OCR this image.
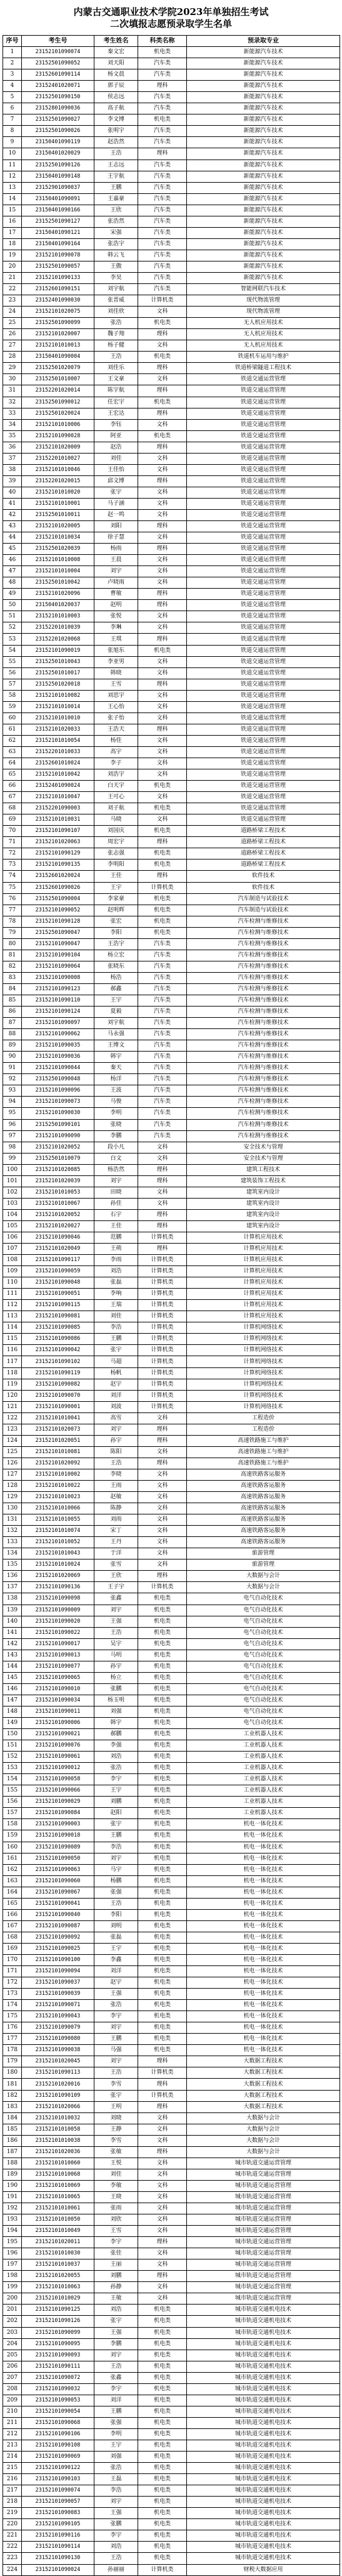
内蒙古交通职业技术学院2023年单独招生考试
二次填报志愿预录取学生名单
序号	考生号	考生姓名	科类名称	预录取专业
1	23152101090074	秦文宏	机电类	新能源汽车技术
2	23152501090052	刘天阳	汽车类	新能源汽车技术
3	23152601090114	杨文晨	汽车类	新能源汽车技术
4	23152401020071	郭子辰	理科	新能源汽车技术
5	23152501090150	侯志远	汽车类	新能源汽车技术
6	23152801090036	高子航	汽车类	新能源汽车技术
7	23152501090027	李文博	机电类	新能源汽车技术
8	23152501090026	张明宇	汽车类	新能源汽车技术
9	23150401090119	赵浩然	汽车类	新能源汽车技术
10	23150401020029	王浩	理科	新能源汽车技术
11	23152501090126	王志远	汽车类	新能源汽车技术
12	23150401090148	王宇航	汽车类	新能源汽车技术
13	23152901090037	王鹏	汽车类	新能源汽车技术
14	23150401090091	王嘉豪	汽车类	新能源汽车技术
15	23150401090166	王欣	汽车类	新能源汽车技术
16	23152501090127	张浩然	汽车类	新能源汽车技术
17	23150401090121	宋强	汽车类	新能源汽车技术
18	23150401090164	张浩宇	汽车类	新能源汽车技术
19	23152101090078	韩云飞	汽车类	新能源汽车技术
20	23152501090057	王傲	汽车类	新能源汽车技术
21	23152101090133	李昊	汽车类	新能源汽车技术
22	23152601090151	刘宇航	汽车类	智能网联汽车技术
23	23152401090030	张晋威	计算机类	现代物流管理
24	23152101020075	刘佳欣	文科	现代物流管理
25	23152501090099	张浩	机电类	无人机应用技术
26	23152101020007	魏子翔	理科	无人机应用技术
27	23152101010013	杨子健	文科	无人机应用技术
28	23150401090004	王浩	机电类	铁道机车运用与维护
29	23152501020079	刘佳乐	理科	铁道桥梁隧道工程技术
30	23152501010007	王文豪	文科	铁道交通运营管理
31	23152201020014	陈宇航	理科	铁道交通运营管理
32	23152501090012	任宏宇	机电类	铁道交通运营管理
33	23152501020024	王宏达	理科	铁道交通运营管理
34	23152101010006	李钰	文科	铁道交通运营管理
35	23152101090028	阿亚	机电类	铁道交通运营管理
36	23152101020009	赵浩	理科	铁道交通运营管理
37	23152201010027	刘佳	文科	铁道交通运营管理
38	23152101010046	王佳怡	文科	铁道交通运营管理
39	23152201020015	邱文博	理科	铁道交通运营管理
40	23152101010020	张宇	文科	铁道交通运营管理
41	23152101010001	马子涵	文科	铁道交通运营管理
42	23152501010011	赵一鸣	文科	铁道交通运营管理
43	23152101020005	刘阳	理科	铁道交通运营管理
44	23152101010034	徐子慧	文科	铁道交通运营管理
45	23152501020039	杨雨	理科	铁道交通运营管理
46	23152101010008	王晨	文科	铁道交通运营管理
47	23152101010004	刘宇	文科	铁道交通运营管理
48	23152501010042	卢晓雨	文科	铁道交通运营管理
49	23152101020096	曹敏	理科	铁道交通运营管理
50	23150401020037	赵明	理科	铁道交通运营管理
51	23152101010003	张悦	文科	铁道交通运营管理
52	23152201010039	李琳	文科	铁道交通运营管理
53	23152201020068	王琪	理科	铁道交通运营管理
54	23152101090019	张旭东	机电类	铁道交通运营管理
55	23152501010043	李亚男	文科	铁道交通运营管理
56	23152501010017	韩晓	文科	铁道交通运营管理
57	23152501020018	王雪	理科	铁道交通运营管理
58	23152101010082	刘思宇	文科	铁道交通运营管理
59	23152101010014	王心怡	文科	铁道交通运营管理
60	23152101010010	张子怡	文科	铁道交通运营管理
61	23152101020033	王浩天	理科	铁道交通运营管理
62	23152101010054	杨佳	文科	铁道交通运营管理
63	23152201010033	高宇	文科	铁道交通运营管理
64	23152601010024	李子	文科	铁道交通运营管理
65	23152101010042	刘浩宇	文科	铁道交通运营管理
66	23152401090024	白天宇	机电类	铁道交通运营管理
67	23152101010047	王可心	文科	铁道交通运营管理
68	23152201090003	刘子航	机电类	铁道交通运营管理
69	23152101010031	马晓	文科	铁道交通运营管理
70	23152101090107	刘国庆	机电类	道路桥梁工程技术
71	23152101020063	周宏宇	理科	道路桥梁工程技术
72	23152101090129	张志强	机电类	道路桥梁工程技术
73	23152101090135	李明阳	机电类	道路桥梁工程技术
74	23152601020024	王佳	理科	软件技术
75	23152601090026	王宇	计算机类	软件技术
76	23152501090004	李家豪	机电类	汽车制造与试验技术
77	23152101090052	赵明辉	机电类	汽车制造与试验技术
78	23152101090128	张宏	机电类	汽车检测与维修技术
79	23152501090047	李阳	机电类	汽车检测与维修技术
80	23152101090047	王浩宇	汽车类	汽车检测与维修技术
81	23152101090104	杨立宏	汽车类	汽车检测与维修技术
82	23152101090064	张晓东	汽车类	汽车检测与维修技术
83	23152101090008	杨浩	汽车类	汽车检测与维修技术
84	23152101090123	郝鑫	汽车类	汽车检测与维修技术
85	23152101090110	王宇	汽车类	汽车检测与维修技术
86	23152101090124	夏毅	汽车类	汽车检测与维修技术
87	23152101090097	刘宇航	汽车类	汽车检测与维修技术
88	23152101090062	马永强	汽车类	汽车检测与维修技术
89	23152101090035	王博文	汽车类	汽车检测与维修技术
90	23152101090036	韩宇	汽车类	汽车检测与维修技术
91	23152101090044	秦天	汽车类	汽车检测与维修技术
92	23152501090048	杨洋	汽车类	汽车检测与维修技术
93	23152101090096	王波	汽车类	汽车检测与维修技术
94	23152101090073	马俊	汽车类	汽车检测与维修技术
95	23152101090030	李明	汽车类	汽车检测与维修技术
96	23152501090101	张晓	汽车类	汽车检测与维修技术
97	23152101090090	李鹏	汽车类	汽车检测与维修技术
98	23152101020052	段小凡	文科	安全技术与管理
99	23152501010079	白文	文科	安全技术与管理
100	23152101020085	杨浩然	理科	建筑工程技术
101	23152101020039	刘宇	理科	建筑装饰工程技术
102	23152101010053	田晓	文科	建筑室内设计
103	23152101010067	孙佳	文科	建筑室内设计
104	23152101020052	石宇	理科	建筑室内设计
105	23152101020027	王佳	理科	建筑室内设计
106	23152101090046	范鹏	计算机类	计算机应用技术
107	23152101020049	王萌	理科	计算机应用技术
108	23152101090117	李雨	计算机类	计算机应用技术
109	23152101090059	刘浩	计算机类	计算机应用技术
110	23152101090048	张磊	计算机类	计算机应用技术
111	23152101090051	李响	计算机类	计算机应用技术
112	23152101090115	王瑞	计算机类	计算机应用技术
113	23152101090081	刘佳	计算机类	计算机应用技术
114	23152101090085	李浩	计算机类	计算机网络技术
115	23152101090086	王鹏	计算机类	计算机网络技术
116	23152101090042	张宇	计算机类	计算机网络技术
117	23152101090102	马超	计算机类	计算机网络技术
118	23152101090119	杨帆	计算机类	计算机网络技术
119	23152101090082	赵宇	计算机类	计算机网络技术
120	23152101090070	刘洋	计算机类	计算机网络技术
121	23152101090001	刘波	计算机类	计算机网络技术
122	23152101010041	高雪	文科	工程造价
123	23152101020073	刘宇	理科	工程造价
124	23152101020051	孙宇	理科	高速铁路施工与维护
125	23152101010081	陈阳	文科	高速铁路施工与维护
126	23152101020092	王浩	理科	高速铁路施工与维护
127	23152101010002	李晓	文科	高速铁路客运服务
128	23152101010022	王雨	文科	高速铁路客运服务
129	23152101010023	赵敏	文科	高速铁路客运服务
130	23152101010066	陈静	文科	高速铁路客运服务
131	23152101010055	刘雨	文科	高速铁路客运服务
132	23152101010074	宋丁	文科	高速铁路客运服务
133	23152101010052	王丹	文科	高速铁路客运服务
134	23152101010043	于洋	文科	旅游管理
135	23152101010024	张雪	文科	旅游管理
136	23152101020069	王欣	理科	大数据与会计
137	23152101090136	王子宇	计算机类	大数据与会计
138	23152101090098	张鑫	机电类	电气自动化技术
139	23152101090009	刘宇	机电类	电气自动化技术
140	23152101090020	王强	机电类	电气自动化技术
141	23152101090022	王浩	机电类	电气自动化技术
142	23152101090017	吴宇	机电类	电气自动化技术
143	23152101090013	马明	机电类	电气自动化技术
144	23152101090077	孙宇	机电类	电气自动化技术
145	23152101090065	杨立	机电类	电气自动化技术
146	23152101090010	张鹏	机电类	电气自动化技术
147	23152101090034	杨玉明	机电类	电气自动化技术
148	23152101090011	刘强	机电类	电气自动化技术
149	23152101090006	韩宇	机电类	电气自动化技术
150	23152101090021	郝鹏	机电类	工业机器人技术
151	23152101090076	李强	机电类	工业机器人技术
152	23152101090061	刘浩	机电类	工业机器人技术
153	23152101090012	张浩	机电类	工业机器人技术
154	23152101090058	李宇	机电类	工业机器人技术
155	23152101090066	王宇	机电类	工业机器人技术
156	23152101090029	刘鹏	机电类	工业机器人技术
157	23152101090084	赵阳	机电类	工业机器人技术
158	23152101090003	张宇	机电类	机电一体化技术
159	23152101090018	王鹏	机电类	机电一体化技术
160	23152101090089	李浩	机电类	机电一体化技术
161	23152101090050	刘宇	机电类	机电一体化技术
162	23152101090063	马宇	机电类	机电一体化技术
163	23152101090060	杨鹏	机电类	机电一体化技术
164	23152101090067	张强	机电类	机电一体化技术
165	23152101090041	王浩	机电类	机电一体化技术
166	23152101090040	李阳	机电类	机电一体化技术
167	23152101090087	刘明	机电类	机电一体化技术
168	23152101090092	张磊	机电类	机电一体化技术
169	23152101090025	王宇	机电类	机电一体化技术
170	23152101090100	李鑫	机电类	机电一体化技术
171	23152101090094	刘洋	机电类	机电一体化技术
172	23152101090037	赵宇	机电类	机电一体化技术
173	23152101090039	王强	机电类	机电一体化技术
174	23152101090071	张浩	机电类	机电一体化技术
175	23152101090043	李宇	机电类	机电一体化技术
176	23152101090079	刘宇	机电类	机电一体化技术
177	23152101090080	王鹏	机电类	机电一体化技术
178	23152101090038	马强	机电类	机电一体化技术
179	23152101020045	刘宇	理科	大数据工程技术
180	23152101090113	王浩	计算机类	大数据工程技术
181	23152101020016	李雪	理科	大数据工程技术
182	23152101090109	张宇	计算机类	大数据工程技术
183	23152101020066	王明	理科	大数据工程技术
184	23152101010032	刘晓	文科	大数据与会计
185	23152101010058	王静	文科	大数据与会计
186	23152101010038	李雪	文科	大数据与会计
187	23152101020036	张敏	理科	大数据与会计
188	23152101010060	王悦	文科	城市轨道交通运营管理
189	23152101010068	刘佳	文科	城市轨道交通运营管理
190	23152101010069	李敏	文科	城市轨道交通运营管理
191	23152101010065	王晓	文科	城市轨道交通运营管理
192	23152101010061	张雨	文科	城市轨道交通运营管理
193	23152101010050	刘欣	文科	城市轨道交通运营管理
194	23152101010049	王雪	文科	城市轨道交通运营管理
195	23152101020011	李宇	理科	城市轨道交通运营管理
196	23152101010030	张佳	文科	城市轨道交通运营管理
197	23152101010037	王丽	文科	城市轨道交通运营管理
198	23152101020055	刘鹏	理科	城市轨道交通运营管理
199	23152101010063	孙静	文科	城市轨道交通运营管理
200	23152101010029	王敏	文科	城市轨道交通运营管理
201	23152101090125	刘浩	机电类	城市轨道交通机电技术
202	23152101090126	张宇	机电类	城市轨道交通机电技术
203	23152101090099	王强	机电类	城市轨道交通机电技术
204	23152101090095	李鹏	机电类	城市轨道交通机电技术
205	23152101090093	刘宇	机电类	城市轨道交通机电技术
206	23152101090111	王浩	机电类	城市轨道交通机电技术
207	23152101090072	张鑫	机电类	城市轨道交通机电技术
208	23152101090032	李宇	机电类	城市轨道交通机电技术
209	23152101090053	刘洋	机电类	城市轨道交通机电技术
210	23152101090054	王鹏	机电类	城市轨道交通机电技术
211	23152101090068	张强	机电类	城市轨道交通机电技术
212	23152101090106	李明	机电类	城市轨道交通机电技术
213	23152101090108	王宇	机电类	城市轨道交通机电技术
214	23152101090069	刘强	机电类	城市轨道交通机电技术
215	23152101090122	张浩	机电类	城市轨道交通机电技术
216	23152101090103	王磊	机电类	城市轨道交通机电技术
217	23152101090074	李浩	机电类	城市轨道交通机电技术
218	23152101090057	刘宇	机电类	城市轨道交通机电技术
219	23152101090083	王强	机电类	城市轨道交通机电技术
220	23152101090105	张鹏	机电类	城市轨道交通机电技术
221	23152101090116	李宇	机电类	城市轨道交通机电技术
222	23152101090114	刘浩	机电类	城市轨道交通机电技术
223	23152101090130	王浩	机电类	城市轨道交通机电技术
224	23152101090024	孙丽丽	计算机类	财税大数据应用
